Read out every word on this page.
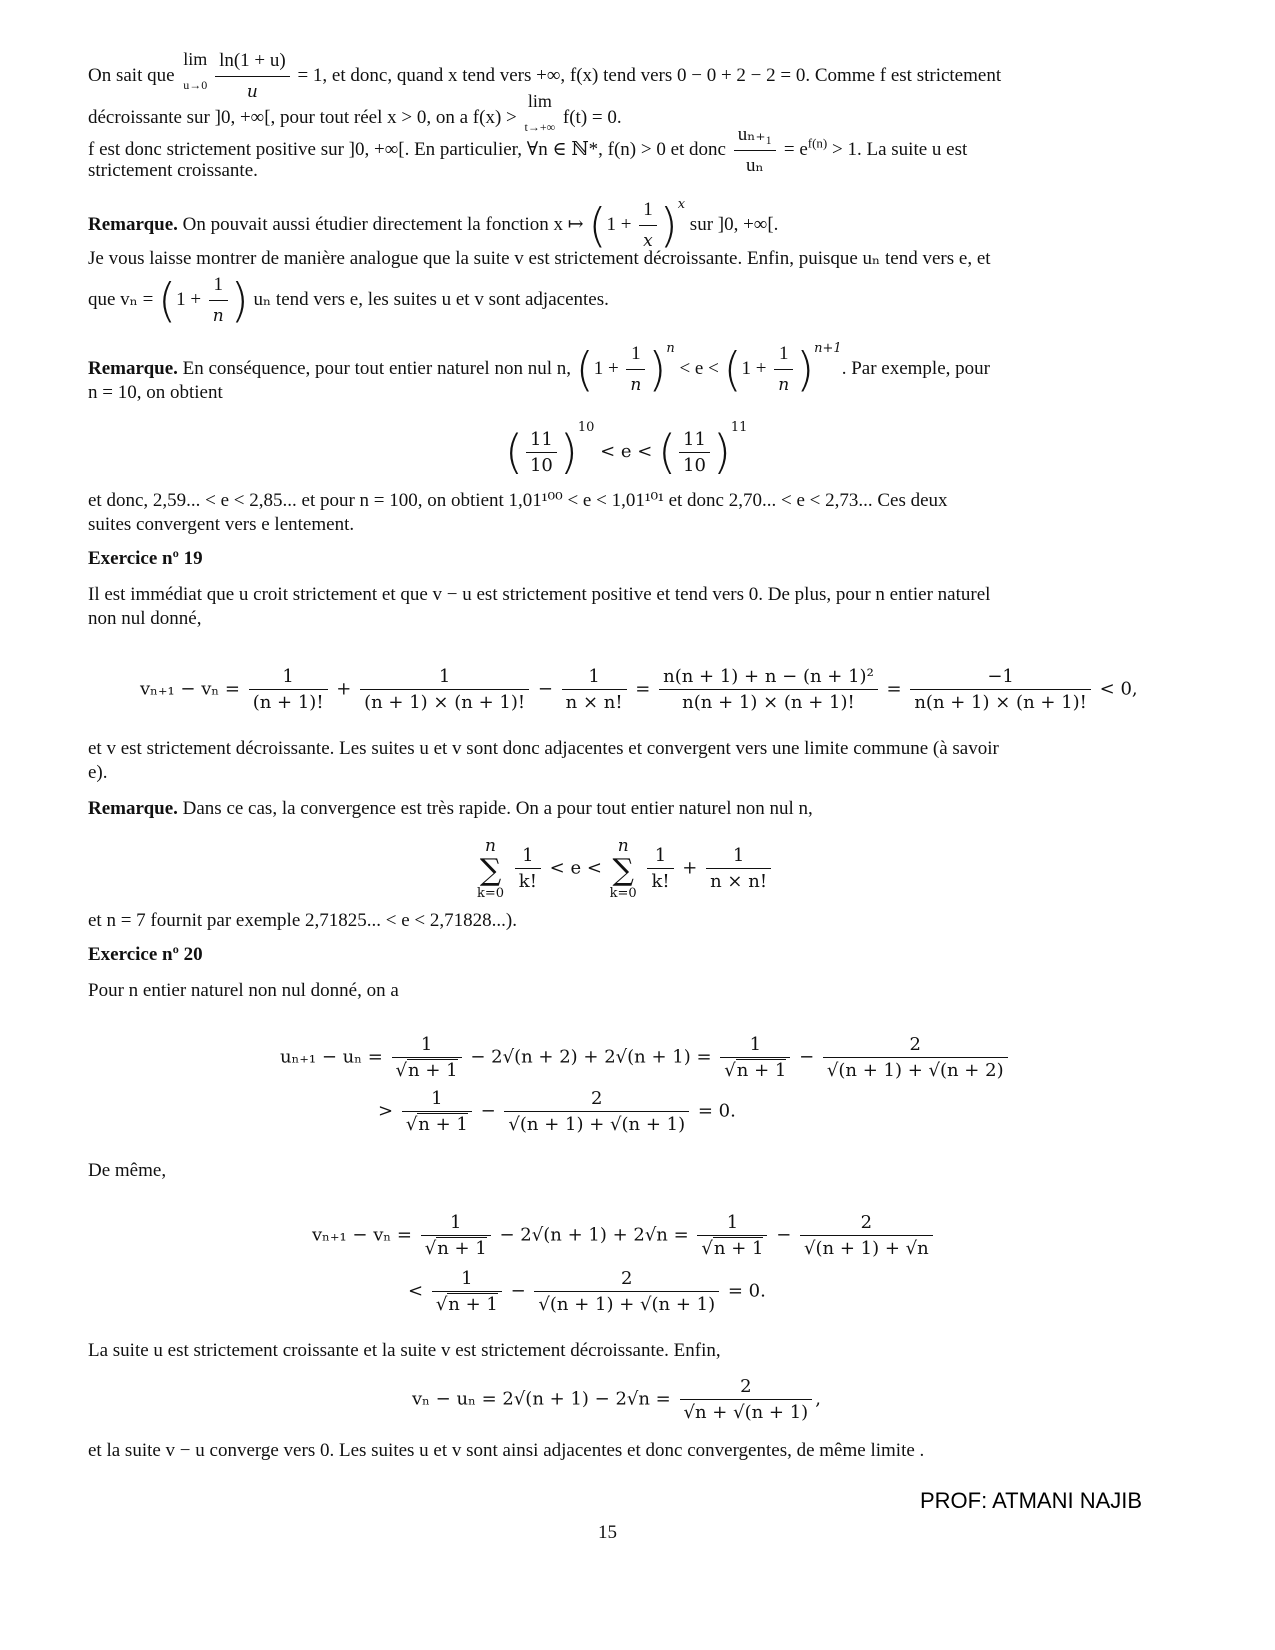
On sait que
lim
u→0
$\frac{\ln(1 + u)}{u} = 1$, et donc, quand x tend vers +∞, f(x) tend vers 0 − 0 + 2 − 2 = 0. Comme f est strictement
décroissante sur ]0, +∞[, pour tout réel x > 0, on a f(x) >
lim
t→+∞ f(t) = 0.
f est donc strictement positive sur ]0, +∞[. En particulier, ∀n ∈ ℕ*, f(n) > 0 et donc $\frac{\text{uₙ₊₁}}{\text{uₙ}} = e^{f(n)} > 1$. La suite u est
strictement croissante.
Remarque. On pouvait aussi étudier directement la fonction x ↦ $(1 + \frac{1}{x} )^x$ sur ]0, +∞[.
Je vous laisse montrer de manière analogue que la suite v est strictement décroissante. Enfin, puisque uₙ tend vers e, et
que $v_n = (1 + \frac{1}{n}$ ) uₙ tend vers e, les suites u et v sont adjacentes.
Remarque. En conséquence, pour tout entier naturel non nul n, $(1 + \frac{1}{n} )^n < e < (1 + \frac{1}{n} )^{n+1}$. Par exemple, pour
n = 10, on obtient
( $\frac{11}{10} )^{10} < e$ < ( $\frac{11}{10} )^{11}$
et donc, 2,59... < e < 2,85... et pour n = 100, on obtient 1,01¹⁰⁰ < e < 1,01¹⁰¹ et donc 2,70... < e < 2,73... Ces deux
suites convergent vers e lentement.
Exercice nº 19
Il est immédiat que u croit strictement et que v − u est strictement positive et tend vers 0. De plus, pour n entier naturel
non nul donné,
$v_{n+1} - v_n = \frac{1}{(n + 1)!} + \frac{1}{(n + 1) \times (n + 1)!} - \frac{1}{n \times n!} = \frac{\text{n(n + 1) + n − (n + 1)²}}{n(n + 1) \times (n + 1)!} = \frac{-1}{n(n + 1) \times (n + 1)!} < 0$,
et v est strictement décroissante. Les suites u et v sont donc adjacentes et convergent vers une limite commune (à savoir
e).
Remarque. Dans ce cas, la convergence est très rapide. On a pour tout entier naturel non nul n,
n
∑
k=0
$\frac{1}{k!} < e < n$
∑
k=0
$\frac{1}{k!} + \frac{1}{n \times n!}$
et n = 7 fournit par exemple 2,71825... < e < 2,71828...).
Exercice nº 20
Pour n entier naturel non nul donné, on a
$u_{n+1} - u_n = \frac{1}{√n + 1} - 2√(n + 2) + 2√(n + 1) = \frac{1}{√n + 1} - \frac{2}{√(n + 1) + √(n + 2)}$
> $\frac{1}{√n + 1} - \frac{2}{√(n + 1) + √(n + 1)} = 0$.
De même,
$v_{n+1} - v_n = \frac{1}{√n + 1} - 2√(n + 1) + 2√n = \frac{1}{√n + 1} - \frac{2}{√(n + 1) + √n}$
< $\frac{1}{√n + 1} - \frac{2}{√(n + 1) + √(n + 1)} = 0$.
La suite u est strictement croissante et la suite v est strictement décroissante. Enfin,
$v_n - u_n = 2√(n + 1) - 2√n = \frac{2}{√n + √(n + 1)}$ ,
et la suite v − u converge vers 0. Les suites u et v sont ainsi adjacentes et donc convergentes, de même limite .
PROF: ATMANI NAJIB
15
